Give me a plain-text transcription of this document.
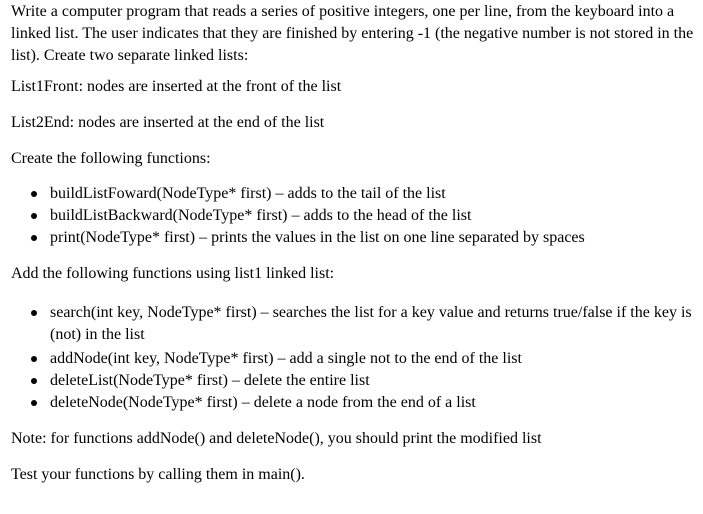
Write a computer program that reads a series of positive integers, one per line, from the keyboard into a linked list. The user indicates that they are finished by entering -1 (the negative number is not stored in the list). Create two separate linked lists:

List1Front: nodes are inserted at the front of the list

List2End: nodes are inserted at the end of the list

Create the following functions:

buildListFoward(NodeType* first) – adds to the tail of the list
buildListBackward(NodeType* first) – adds to the head of the list
print(NodeType* first) – prints the values in the list on one line separated by spaces

Add the following functions using list1 linked list:

search(int key, NodeType* first) – searches the list for a key value and returns true/false if the key is (not) in the list
addNode(int key, NodeType* first) – add a single not to the end of the list
deleteList(NodeType* first) – delete the entire list
deleteNode(NodeType* first) – delete a node from the end of a list

Note: for functions addNode() and deleteNode(), you should print the modified list

Test your functions by calling them in main().
